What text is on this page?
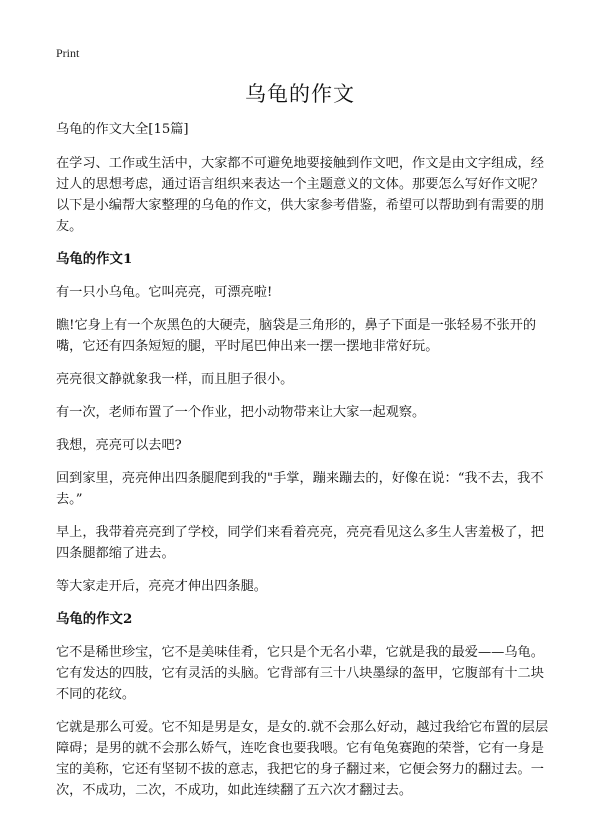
Print
乌龟的作文

乌龟的作文大全[15篇]

在学习、工作或生活中，大家都不可避免地要接触到作文吧，作文是由文字组成，经过人的思想考虑，通过语言组织来表达一个主题意义的文体。那要怎么写好作文呢？以下是小编帮大家整理的乌龟的作文，供大家参考借鉴，希望可以帮助到有需要的朋友。

乌龟的作文1

有一只小乌龟。它叫亮亮，可漂亮啦!

瞧!它身上有一个灰黑色的大硬壳，脑袋是三角形的，鼻子下面是一张轻易不张开的嘴，它还有四条短短的腿，平时尾巴伸出来一摆一摆地非常好玩。

亮亮很文静就象我一样，而且胆子很小。

有一次，老师布置了一个作业，把小动物带来让大家一起观察。

我想，亮亮可以去吧?

回到家里，亮亮伸出四条腿爬到我的"手掌，蹦来蹦去的，好像在说：“我不去，我不去。”

早上，我带着亮亮到了学校，同学们来看着亮亮，亮亮看见这么多生人害羞极了，把四条腿都缩了进去。

等大家走开后，亮亮才伸出四条腿。

乌龟的作文2

它不是稀世珍宝，它不是美味佳肴，它只是个无名小辈，它就是我的最爱——乌龟。它有发达的四肢，它有灵活的头脑。它背部有三十八块墨绿的盔甲，它腹部有十二块不同的花纹。

它就是那么可爱。它不知是男是女，是女的.就不会那么好动，越过我给它布置的层层障碍；是男的就不会那么娇气，连吃食也要我喂。它有龟兔赛跑的荣誉，它有一身是宝的美称，它还有坚韧不拔的意志，我把它的身子翻过来，它便会努力的翻过去。一次，不成功，二次，不成功，如此连续翻了五六次才翻过去。
